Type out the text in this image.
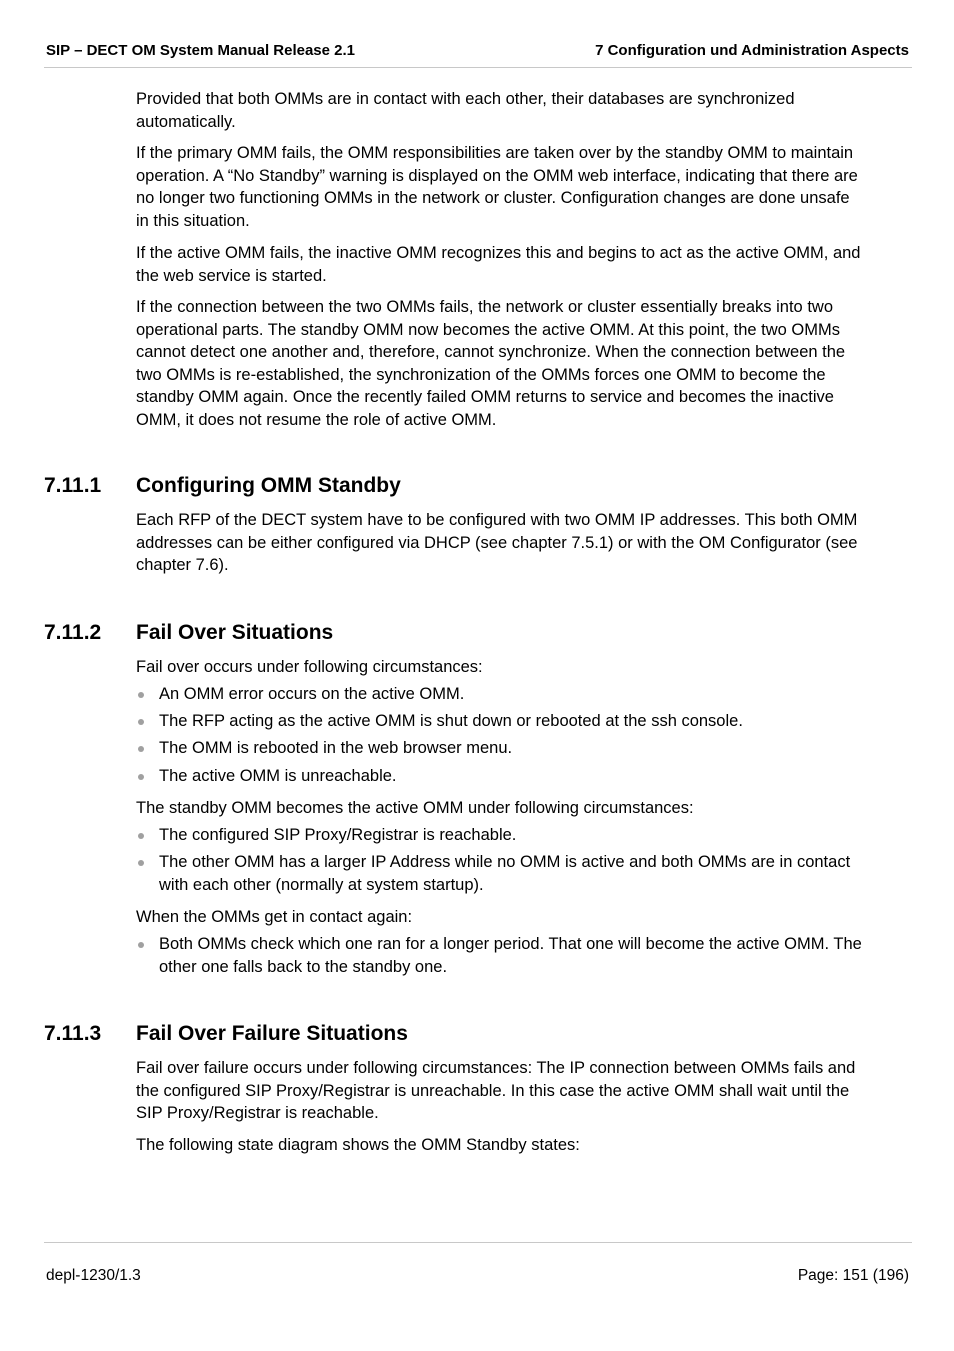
SIP – DECT OM System Manual Release 2.1	7 Configuration und Administration Aspects

Provided that both OMMs are in contact with each other, their databases are synchronized automatically.

If the primary OMM fails, the OMM responsibilities are taken over by the standby OMM to maintain operation. A “No Standby” warning is displayed on the OMM web interface, indicating that there are no longer two functioning OMMs in the network or cluster. Configuration changes are done unsafe in this situation.

If the active OMM fails, the inactive OMM recognizes this and begins to act as the active OMM, and the web service is started.

If the connection between the two OMMs fails, the network or cluster essentially breaks into two operational parts. The standby OMM now becomes the active OMM. At this point, the two OMMs cannot detect one another and, therefore, cannot synchronize. When the connection between the two OMMs is re-established, the synchronization of the OMMs forces one OMM to become the standby OMM again. Once the recently failed OMM returns to service and becomes the inactive OMM, it does not resume the role of active OMM.

7.11.1 Configuring OMM Standby

Each RFP of the DECT system have to be configured with two OMM IP addresses. This both OMM addresses can be either configured via DHCP (see chapter 7.5.1) or with the OM Configurator (see chapter 7.6).

7.11.2 Fail Over Situations

Fail over occurs under following circumstances:

An OMM error occurs on the active OMM.
The RFP acting as the active OMM is shut down or rebooted at the ssh console.
The OMM is rebooted in the web browser menu.
The active OMM is unreachable.

The standby OMM becomes the active OMM under following circumstances:

The configured SIP Proxy/Registrar is reachable.
The other OMM has a larger IP Address while no OMM is active and both OMMs are in contact with each other (normally at system startup).

When the OMMs get in contact again:

Both OMMs check which one ran for a longer period. That one will become the active OMM. The other one falls back to the standby one.
7.11.3 Fail Over Failure Situations

Fail over failure occurs under following circumstances: The IP connection between OMMs fails and the configured SIP Proxy/Registrar is unreachable. In this case the active OMM shall wait until the SIP Proxy/Registrar is reachable.

The following state diagram shows the OMM Standby states:

depl-1230/1.3	Page: 151 (196)
